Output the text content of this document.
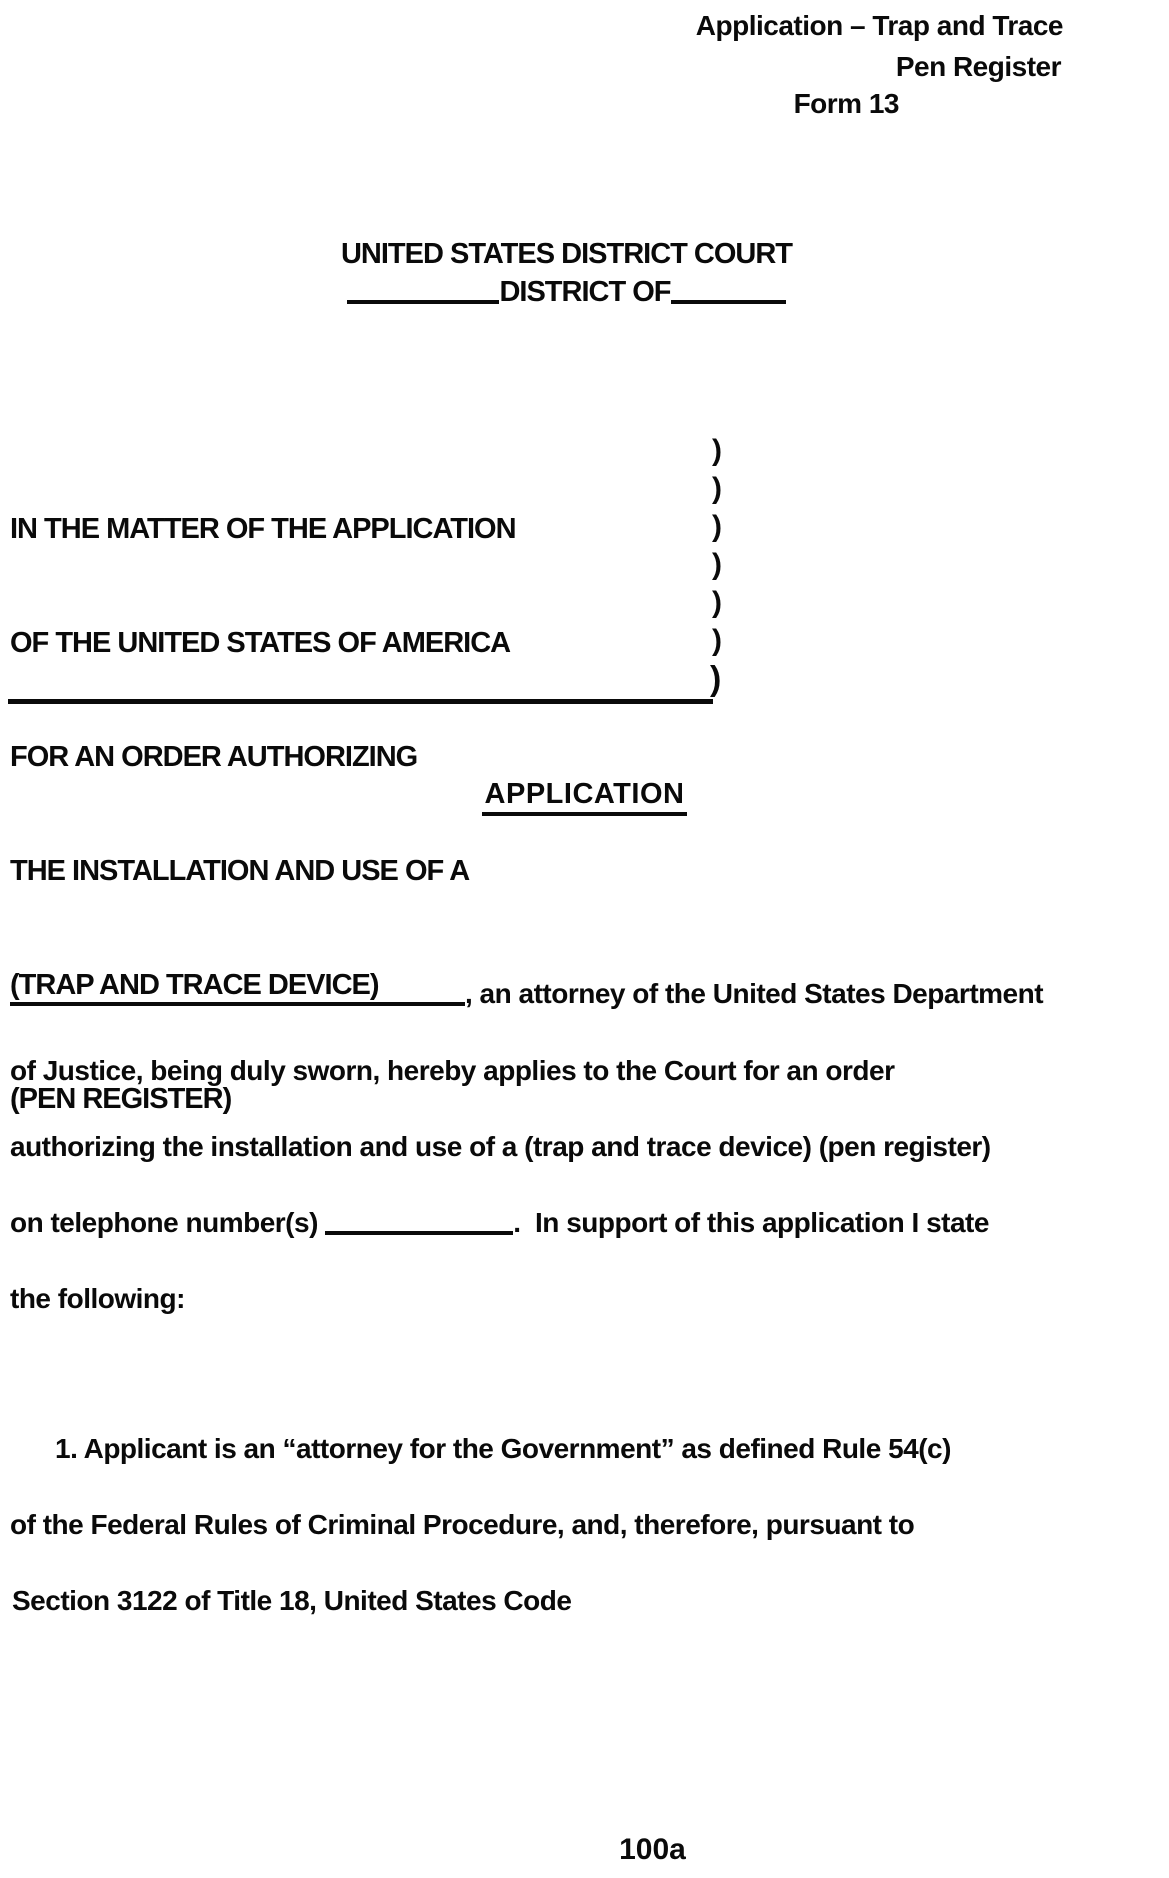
Application – Trap and Trace
Pen Register
Form 13
UNITED STATES DISTRICT COURT
DISTRICT OF

IN THE MATTER OF THE APPLICATION

OF THE UNITED STATES OF AMERICA

FOR AN ORDER AUTHORIZING

THE INSTALLATION AND USE OF A

(TRAP AND TRACE DEVICE)

(PEN REGISTER)

)
)
)
)
)
)
)
APPLICATION
, an attorney of the United States Department
of Justice, being duly sworn, hereby applies to the Court for an order
authorizing the installation and use of a (trap and trace device) (pen register)
on telephone number(s)	.  In support of this application I state
the following:
1. Applicant is an “attorney for the Government” as defined Rule 54(c)
of the Federal Rules of Criminal Procedure, and, therefore, pursuant to
Section 3122 of Title 18, United States Code
100a
